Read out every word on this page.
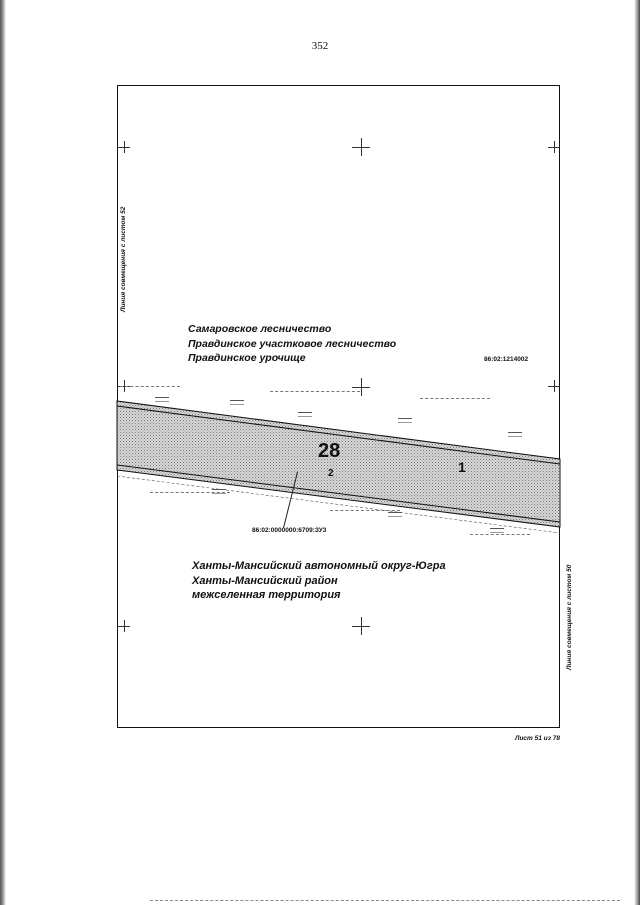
352
Линия совмещения с листом 52
Линия совмещения с листом 50
Самаровское лесничество
Правдинское участковое лесничество
Правдинское урочище	86:02:1214002
28
2	1
86:02:0000000:6709:ЗУ3
Ханты-Мансийский автономный округ-Югра
Ханты-Мансийский район
межселенная территория
Лист 51 из 78
